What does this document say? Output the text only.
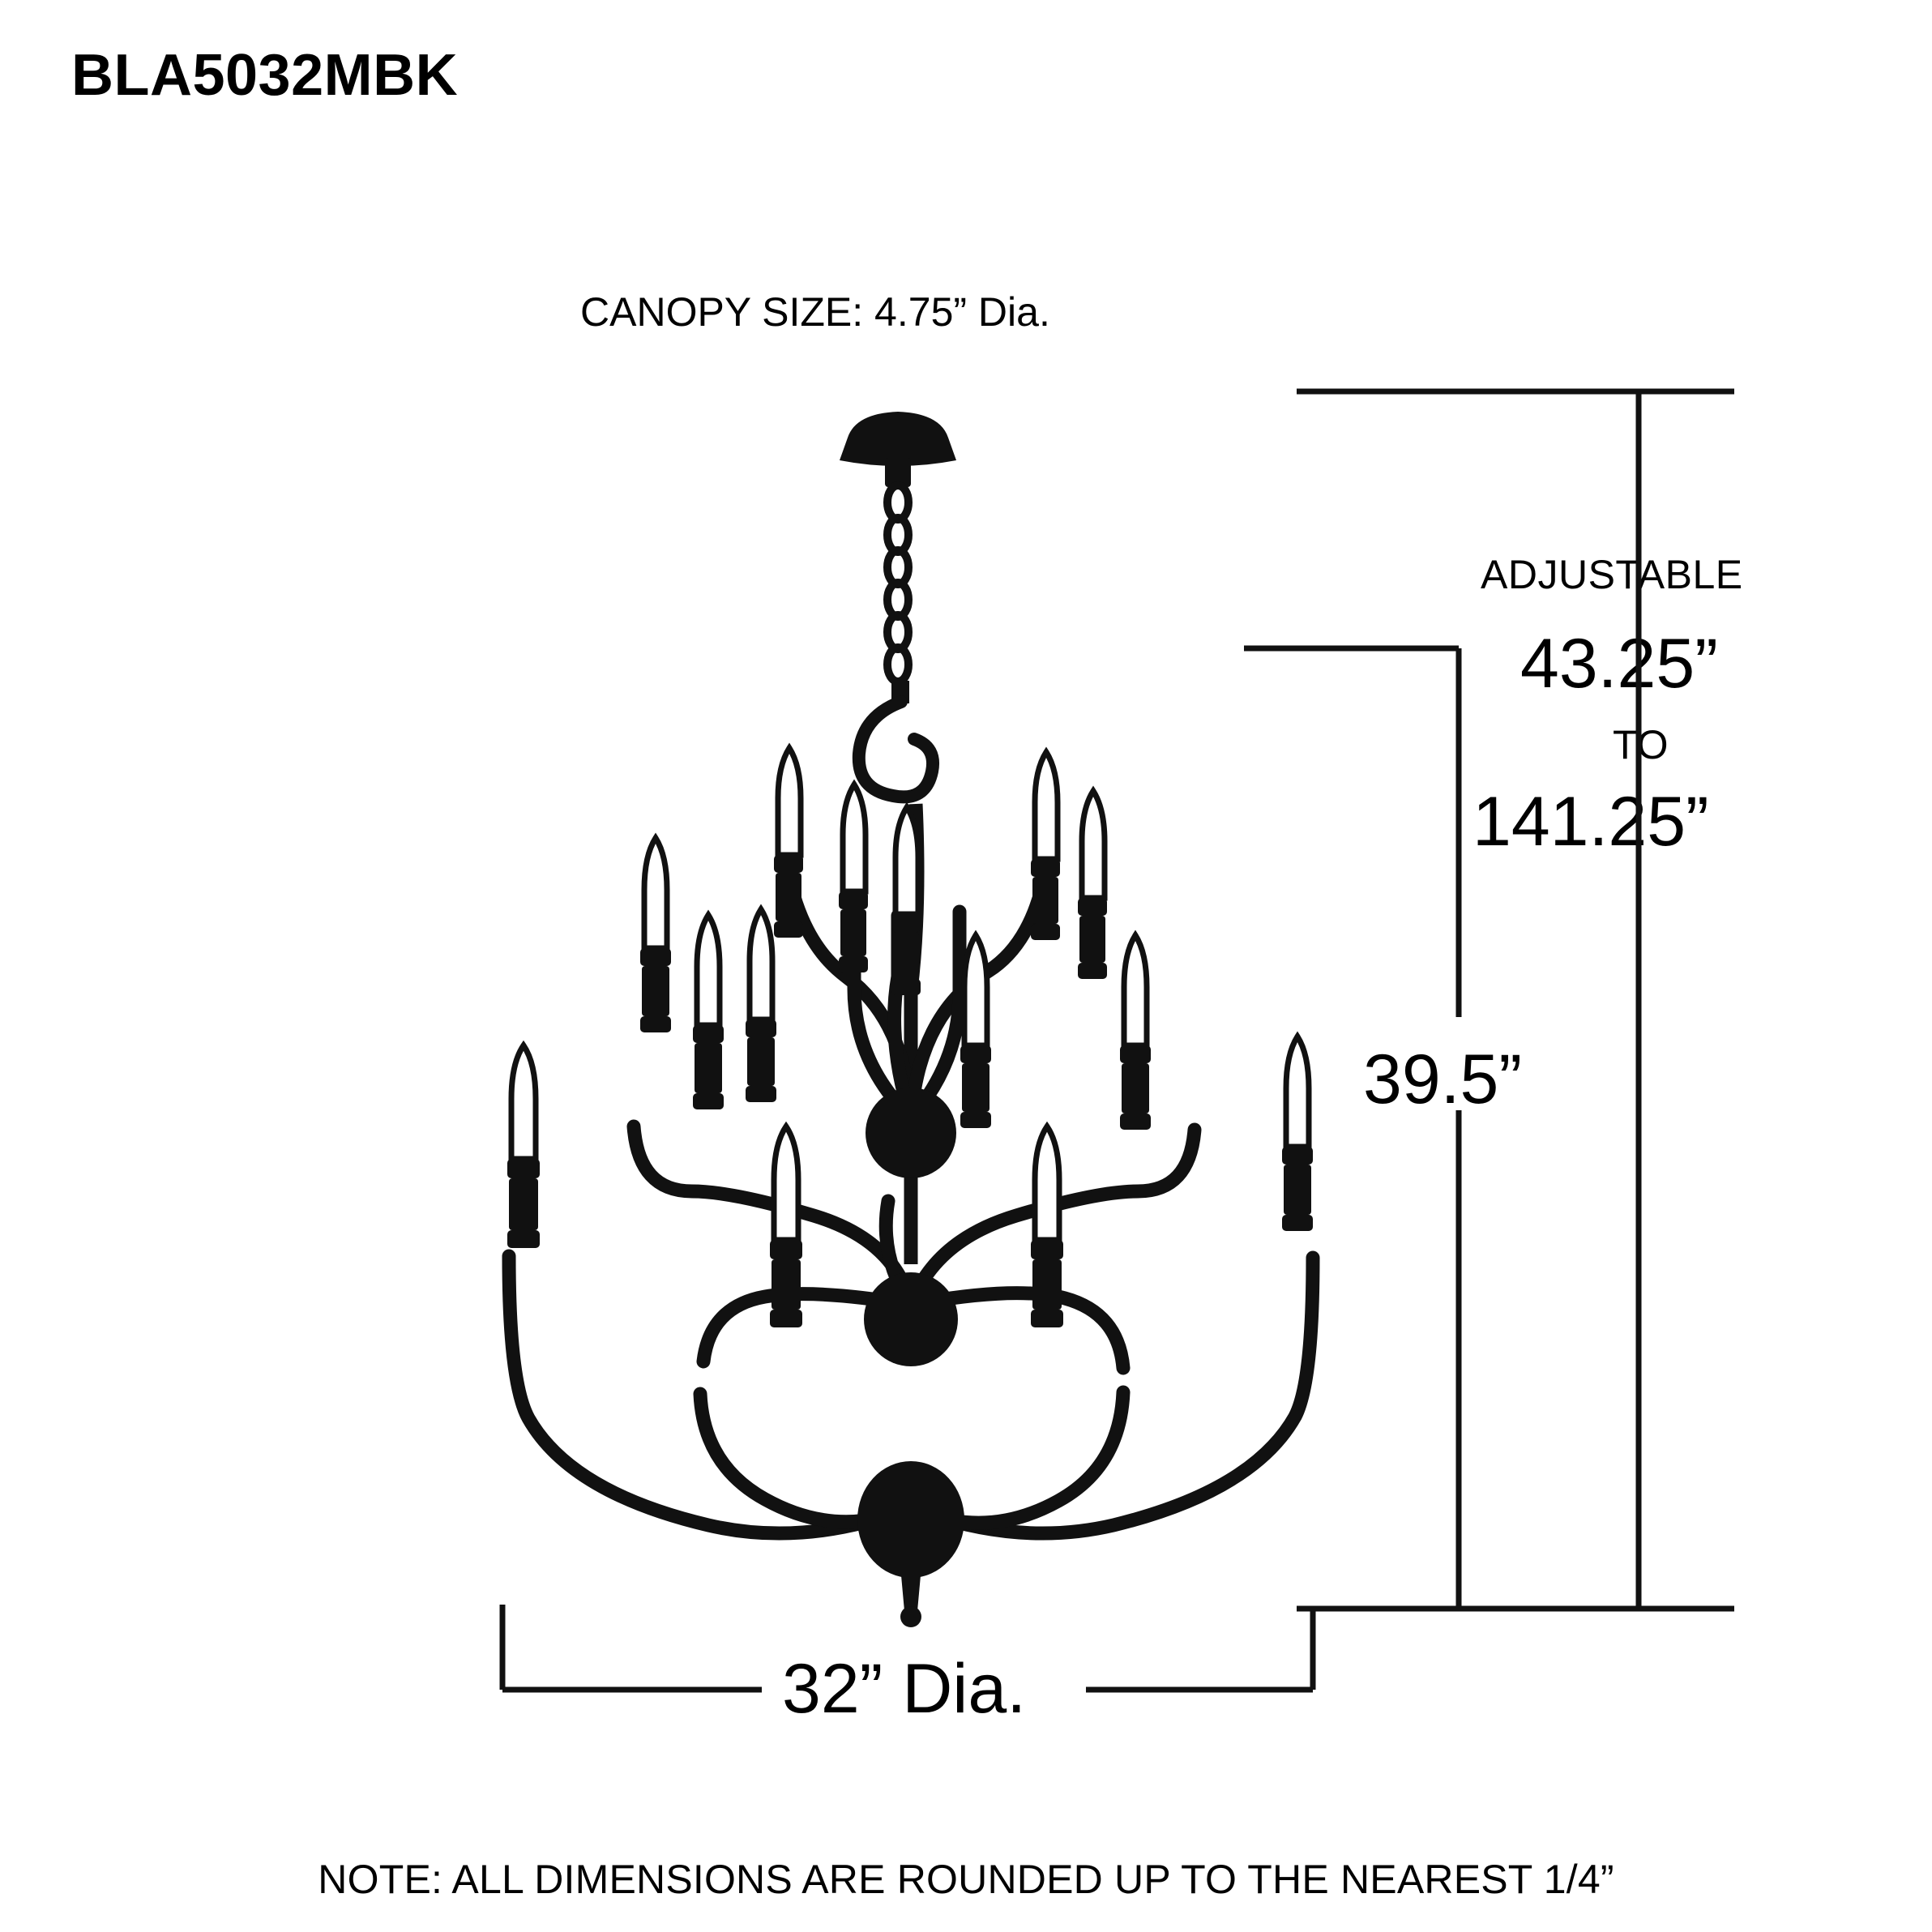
BLA5032MBK
CANOPY SIZE: 4.75” Dia.
ADJUSTABLE
43.25”
TO
141.25”
39.5”
32” Dia.
NOTE: ALL DIMENSIONS ARE ROUNDED UP TO THE NEAREST 1/4”
